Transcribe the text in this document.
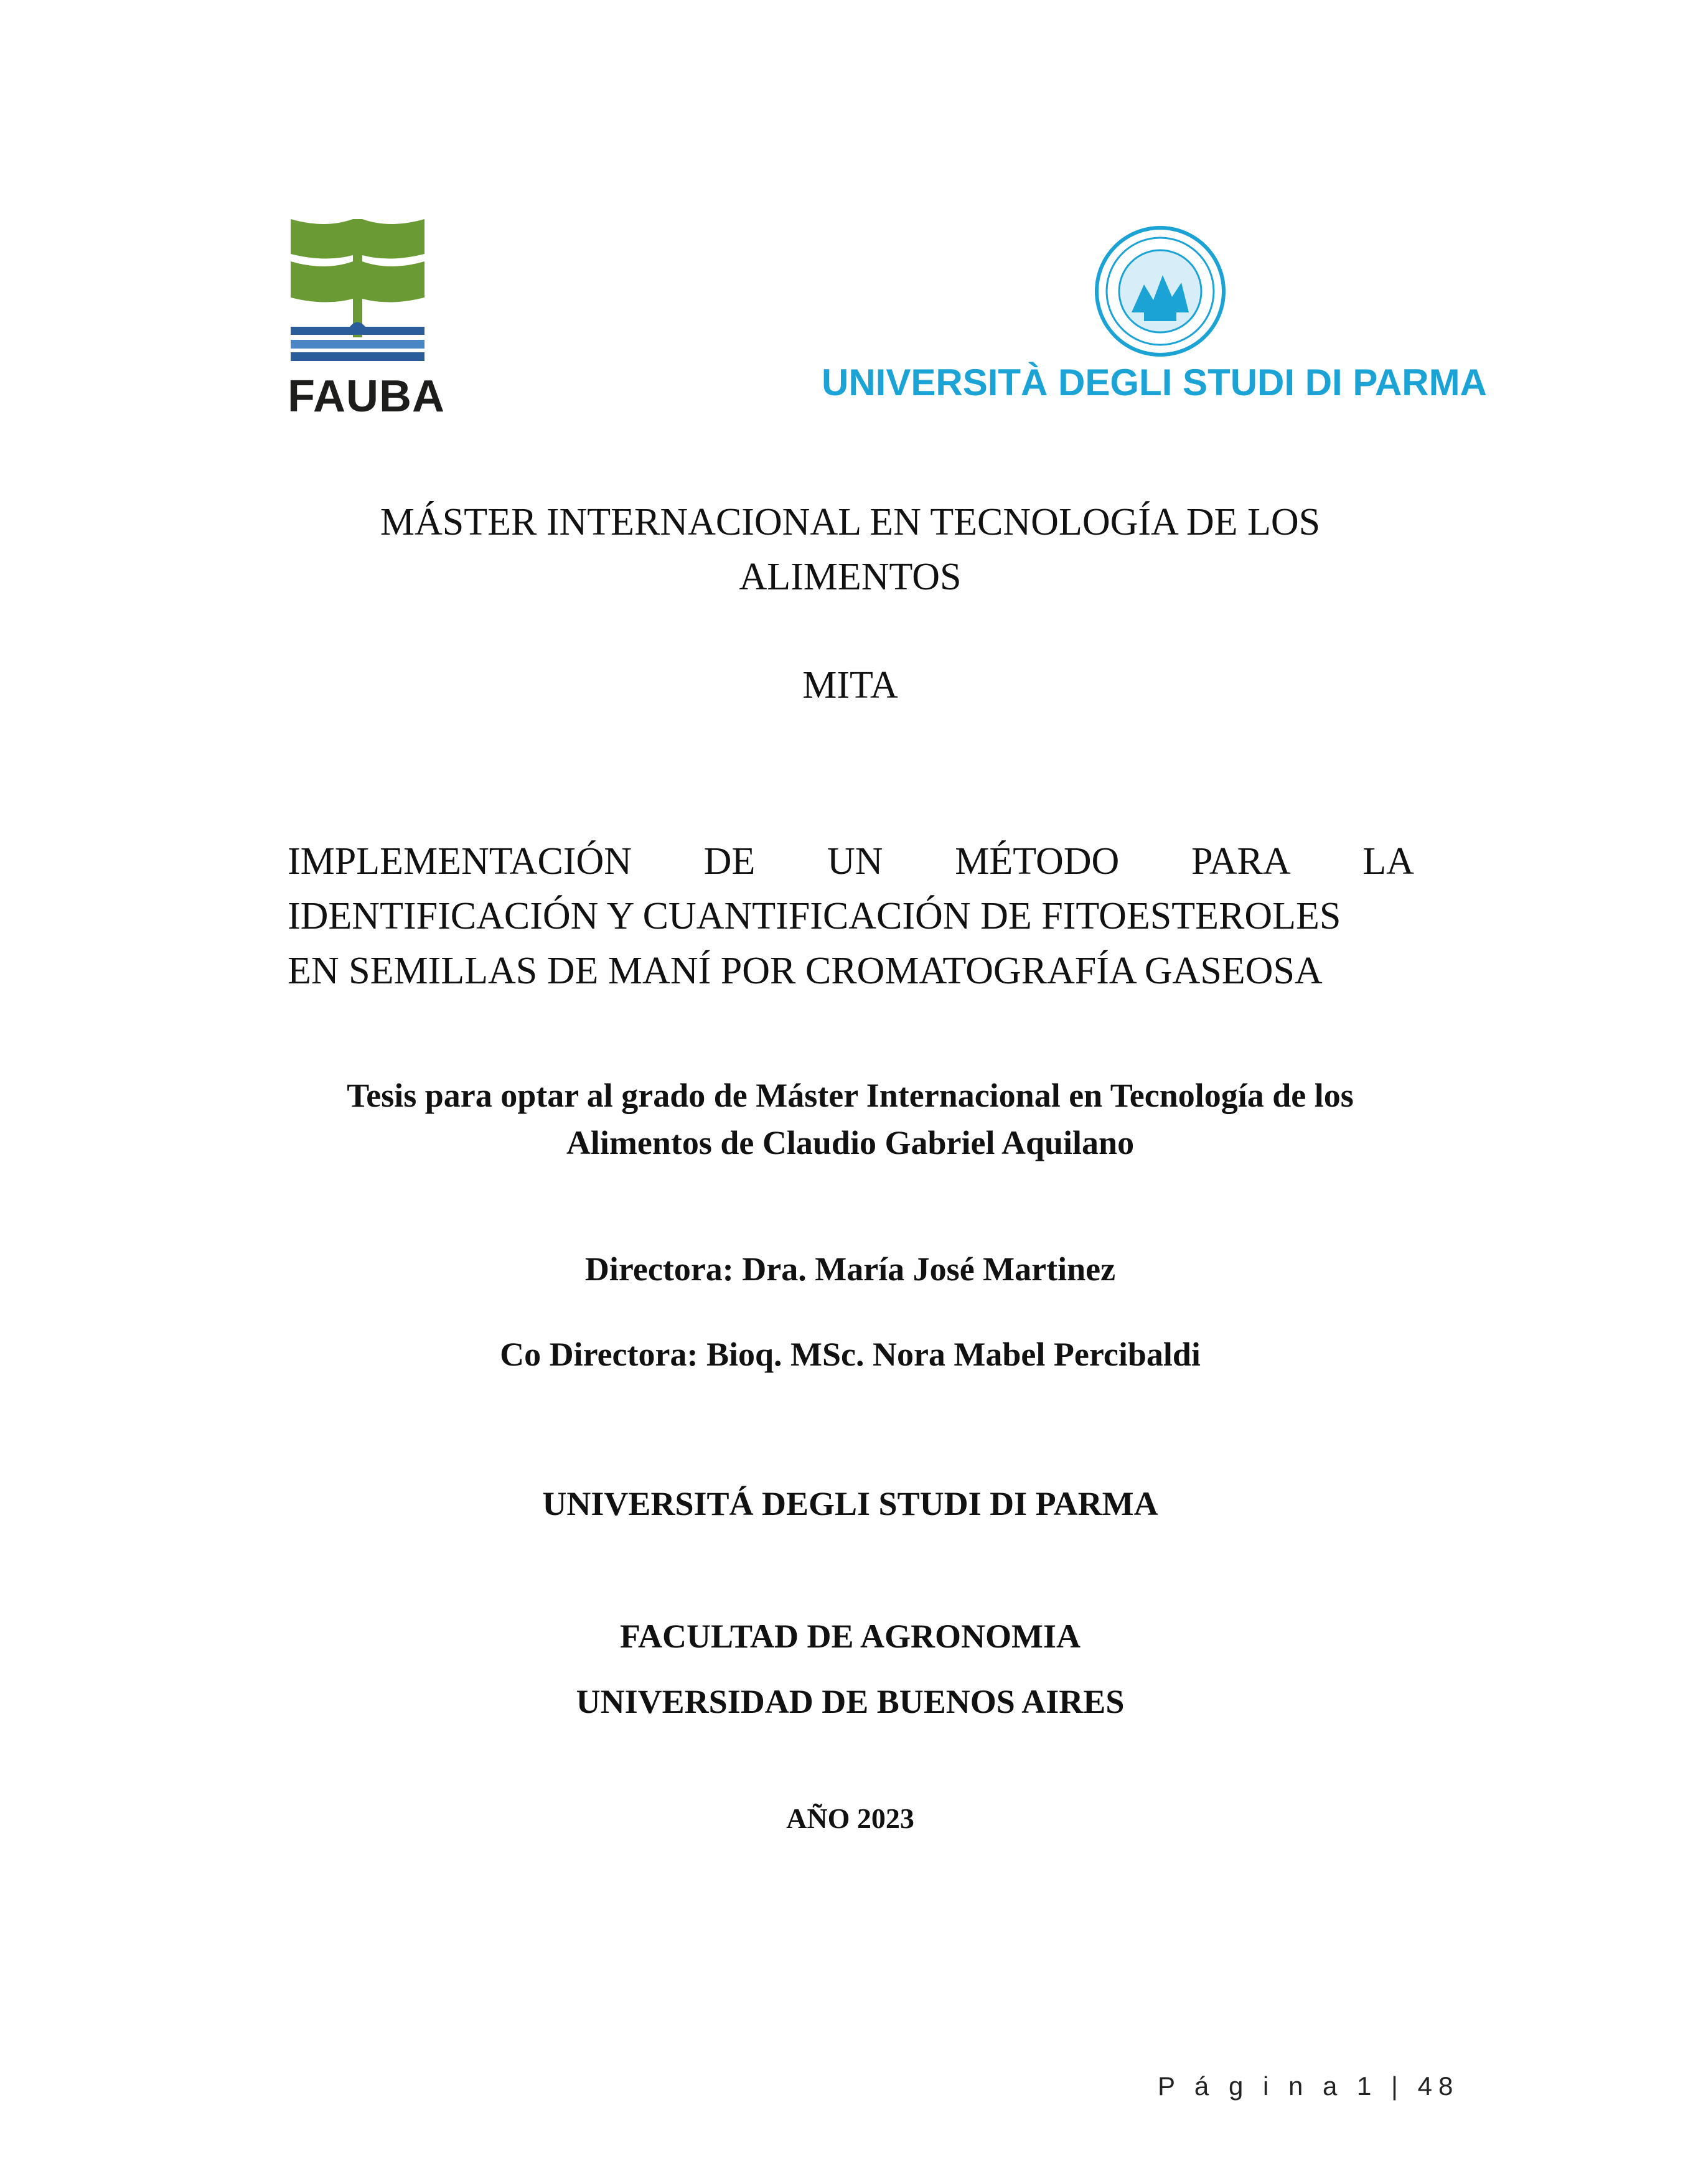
FAUBA	UNIVERSITÀ DEGLI STUDI DI PARMA
MÁSTER INTERNACIONAL EN TECNOLOGÍA DE LOS
ALIMENTOS
MITA
IMPLEMENTACIÓN DE UN MÉTODO PARA LA
IDENTIFICACIÓN Y CUANTIFICACIÓN DE FITOESTEROLES
EN SEMILLAS DE MANÍ POR CROMATOGRAFÍA GASEOSA
Tesis para optar al grado de Máster Internacional en Tecnología de los
Alimentos de Claudio Gabriel Aquilano
Directora: Dra. María José Martinez
Co Directora: Bioq. MSc. Nora Mabel Percibaldi
UNIVERSITÁ DEGLI STUDI DI PARMA
FACULTAD DE AGRONOMIA
UNIVERSIDAD DE BUENOS AIRES
AÑO 2023
P á g i n a 1 | 48
